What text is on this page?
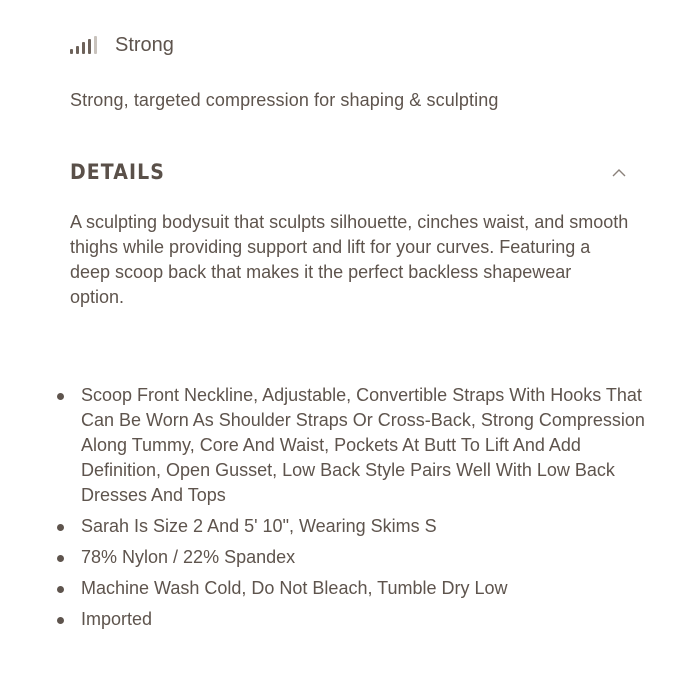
Strong
Strong, targeted compression for shaping & sculpting
DETAILS

A sculpting bodysuit that sculpts silhouette, cinches waist, and smooth thighs while providing support and lift for your curves. Featuring a deep scoop back that makes it the perfect backless shapewear option.

Scoop Front Neckline, Adjustable, Convertible Straps With Hooks That Can Be Worn As Shoulder Straps Or Cross-Back, Strong Compression Along Tummy, Core And Waist, Pockets At Butt To Lift And Add Definition, Open Gusset, Low Back Style Pairs Well With Low Back Dresses And Tops
Sarah Is Size 2 And 5' 10", Wearing Skims S
78% Nylon / 22% Spandex
Machine Wash Cold, Do Not Bleach, Tumble Dry Low
Imported
